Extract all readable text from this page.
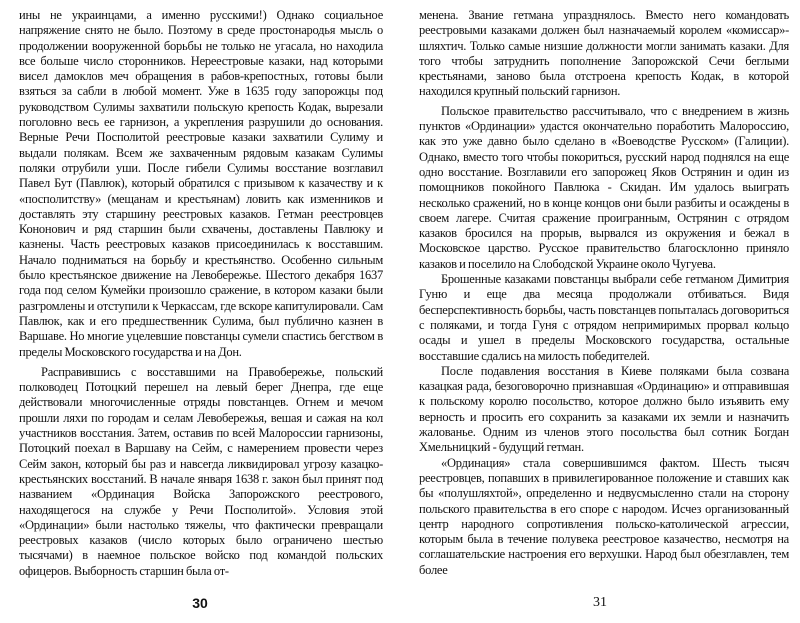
ины не украинцами, а именно русскими!) Однако социальное напряжение снято не было. Поэтому в среде простонародья мысль о продолжении вооруженной борьбы не только не угасала, но находила все больше число сторонников. Нереестровые казаки, над которыми висел дамоклов меч обращения в рабов-крепостных, готовы были взяться за сабли в любой момент. Уже в 1635 году запорожцы под руководством Сулимы захватили польскую крепость Кодак, вырезали поголовно весь ее гарнизон, а укрепления разрушили до основания. Верные Речи Посполитой реестровые казаки захватили Сулиму и выдали полякам. Всем же захваченным рядовым казакам Сулимы поляки отрубили уши. После гибели Сулимы восстание возглавил Павел Бут (Павлюк), который обратился с призывом к казачеству и к «посполитству» (мещанам и крестьянам) ловить как изменников и доставлять эту старшину реестровых казаков. Гетман реестровцев Кононович и ряд старшин были схвачены, доставлены Павлюку и казнены. Часть реестровых казаков присоединилась к восставшим. Начало подниматься на борьбу и крестьянство. Особенно сильным было крестьянское движение на Левобережье. Шестого декабря 1637 года под селом Кумейки произошло сражение, в котором казаки были разгромлены и отступили к Черкассам, где вскоре капитулировали. Сам Павлюк, как и его предшественник Сулима, был публично казнен в Варшаве. Но многие уцелевшие повстанцы сумели спастись бегством в пределы Московского государства и на Дон.

Расправившись с восставшими на Правобережье, польский полководец Потоцкий перешел на левый берег Днепра, где еще действовали многочисленные отряды повстанцев. Огнем и мечом прошли ляхи по городам и селам Левобережья, вешая и сажая на кол участников восстания. Затем, оставив по всей Малороссии гарнизоны, Потоцкий поехал в Варшаву на Сейм, с намерением провести через Сейм закон, который бы раз и навсегда ликвидировал угрозу казацко-крестьянских восстаний. В начале января 1638 г. закон был принят под названием «Ординация Войска Запорожского реестрового, находящегося на службе у Речи Посполитой». Условия этой «Ординации» были настолько тяжелы, что фактически превращали реестровых казаков (число которых было ограничено шестью тысячами) в наемное польское войско под командой польских офицеров. Выборность старшин была от-

30

менена. Звание гетмана упразднялось. Вместо него командовать реестровыми казаками должен был назначаемый королем «комиссар»-шляхтич. Только самые низшие должности могли занимать казаки. Для того чтобы затруднить пополнение Запорожской Сечи беглыми крестьянами, заново была отстроена крепость Кодак, в которой находился крупный польский гарнизон.

Польское правительство рассчитывало, что с внедрением в жизнь пунктов «Ординации» удастся окончательно поработить Малороссию, как это уже давно было сделано в «Воеводстве Русском» (Галиции). Однако, вместо того чтобы покориться, русский народ поднялся на еще одно восстание. Возглавили его запорожец Яков Острянин и один из помощников покойного Павлюка - Скидан. Им удалось выиграть несколько сражений, но в конце концов они были разбиты и осаждены в своем лагере. Считая сражение проигранным, Острянин с отрядом казаков бросился на прорыв, вырвался из окружения и бежал в Московское царство. Русское правительство благосклонно приняло казаков и поселило на Слободской Украине около Чугуева.

Брошенные казаками повстанцы выбрали себе гетманом Димитрия Гуню и еще два месяца продолжали отбиваться. Видя бесперспективность борьбы, часть повстанцев попыталась договориться с поляками, и тогда Гуня с отрядом непримиримых прорвал кольцо осады и ушел в пределы Московского государства, остальные восставшие сдались на милость победителей.

После подавления восстания в Киеве поляками была созвана казацкая рада, безоговорочно признавшая «Ординацию» и отправившая к польскому королю посольство, которое должно было изъявить ему верность и просить его сохранить за казаками их земли и назначить жалованье. Одним из членов этого посольства был сотник Богдан Хмельницкий - будущий гетман.

«Ординация» стала совершившимся фактом. Шесть тысяч реестровцев, попавших в привилегированное положение и ставших как бы «полушляхтой», определенно и недвусмысленно стали на сторону польского правительства в его споре с народом. Исчез организованный центр народного сопротивления польско-католической агрессии, которым была в течение полувека реестровое казачество, несмотря на соглашательские настроения его верхушки. Народ был обезглавлен, тем более

31
